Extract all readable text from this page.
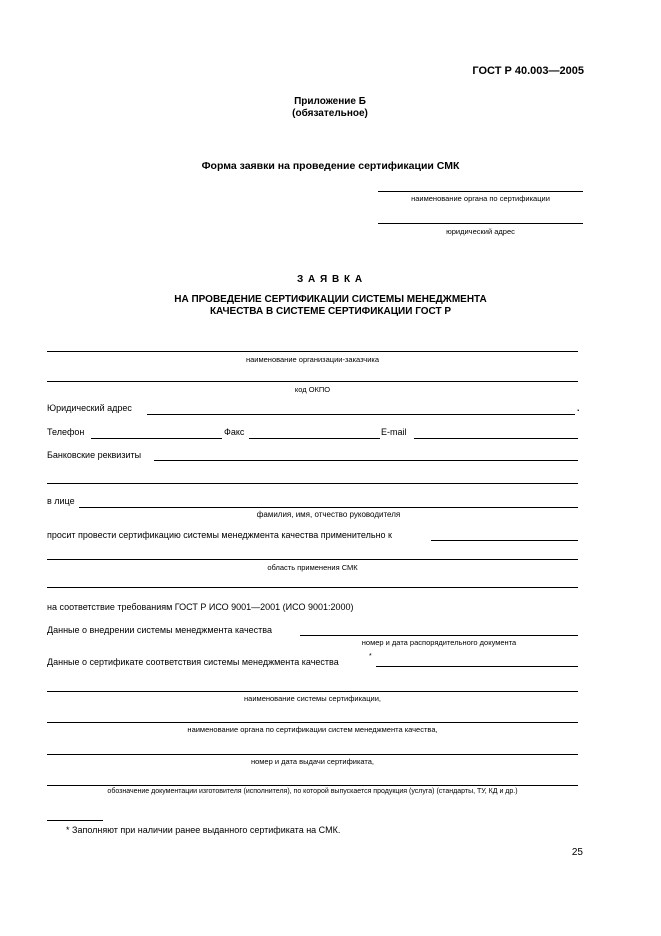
ГОСТ Р 40.003—2005
Приложение Б
(обязательное)
Форма заявки на проведение сертификации СМК
наименование органа по сертификации
юридический адрес
З А Я В К А
НА ПРОВЕДЕНИЕ СЕРТИФИКАЦИИ СИСТЕМЫ МЕНЕДЖМЕНТА
КАЧЕСТВА В СИСТЕМЕ СЕРТИФИКАЦИИ ГОСТ Р
наименование организации-заказчика
код ОКПО
Юридический адрес	.
Телефон	Факс	E-mail
Банковские реквизиты
в лице
фамилия, имя, отчество руководителя
просит провести сертификацию системы менеджмента качества применительно к
область применения СМК
на соответствие требованиям ГОСТ Р ИСО 9001—2001 (ИСО 9001:2000)
Данные о внедрении системы менеджмента качества
номер и дата распорядительного документа
Данные о сертификате соответствия системы менеджмента качества
*
наименование системы сертификации,
наименование органа по сертификации систем менеджмента качества,
номер и дата выдачи сертификата,
обозначение документации изготовителя (исполнителя), по которой выпускается продукция (услуга) (стандарты, ТУ, КД и др.)
* Заполняют при наличии ранее выданного сертификата на СМК.
25
